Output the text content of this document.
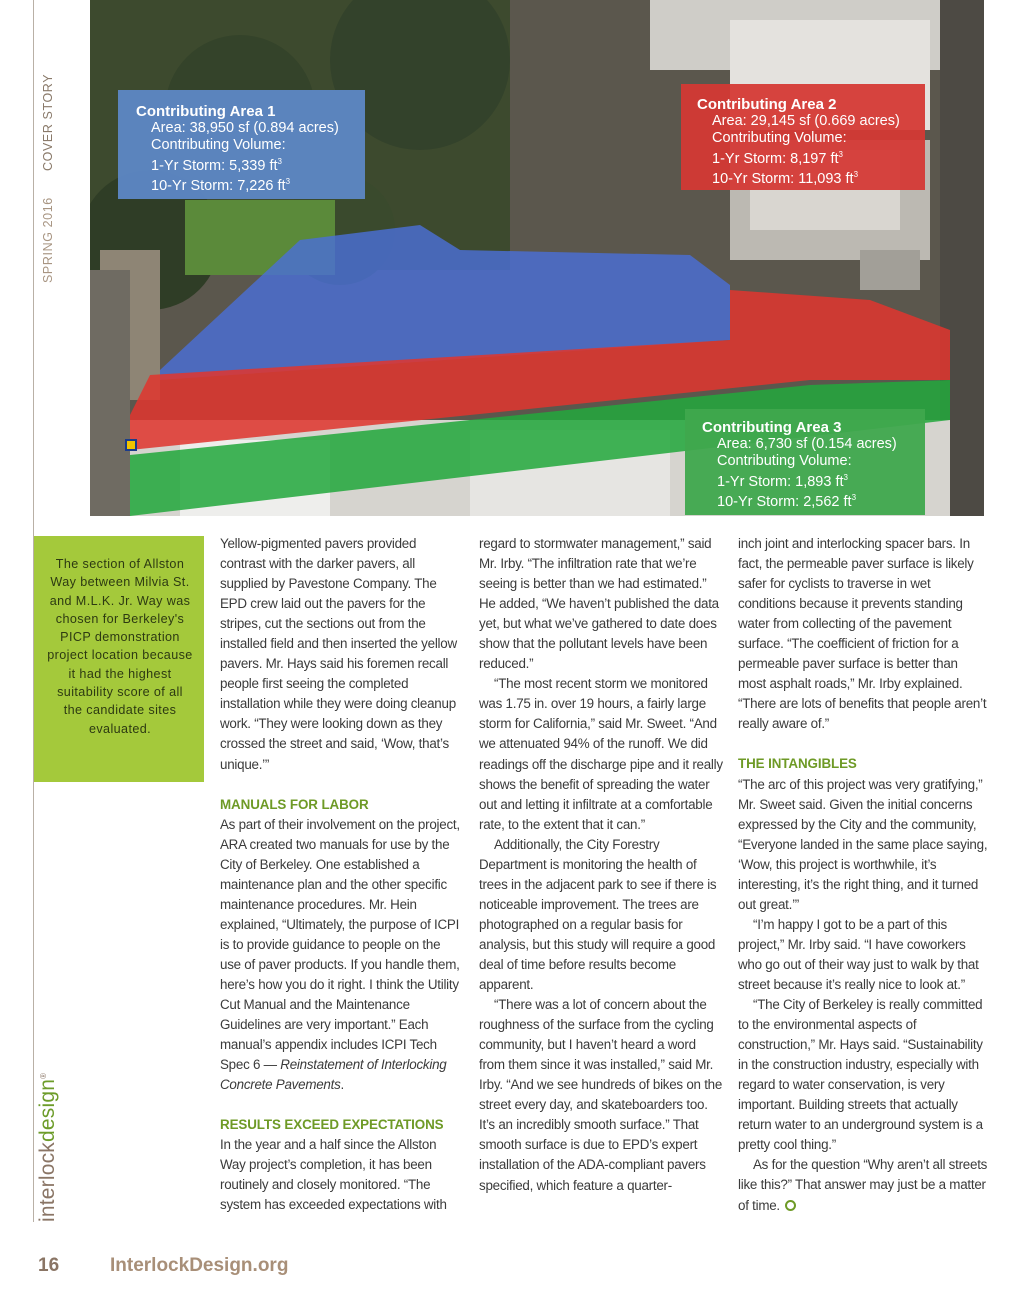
COVER STORY
SPRING 2016
interlockdesign®
Contributing Area 1
Area: 38,950 sf (0.894 acres)
Contributing Volume:
1-Yr Storm: 5,339 $ft^3$
10-Yr Storm: 7,226 $ft^3$
Contributing Area 2
Area: 29,145 sf (0.669 acres)
Contributing Volume:
1-Yr Storm: 8,197 $ft^3$
10-Yr Storm: 11,093 $ft^3$
Contributing Area 3
Area: 6,730 sf (0.154 acres)
Contributing Volume:
1-Yr Storm: 1,893 $ft^3$
10-Yr Storm: 2,562 $ft^3$
The section of Allston Way between Milvia St. and M.L.K. Jr. Way was chosen for Berkeley's PICP demonstration project location because it had the highest suitability score of all the candidate sites evaluated.
Yellow-pigmented pavers provided contrast with the darker pavers, all supplied by Pavestone Company. The EPD crew laid out the pavers for the stripes, cut the sections out from the installed field and then inserted the yellow pavers. Mr. Hays said his foremen recall people first seeing the completed installation while they were doing cleanup work. “They were looking down as they crossed the street and said, ‘Wow, that’s unique.’”
MANUALS FOR LABOR
As part of their involvement on the project, ARA created two manuals for use by the City of Berkeley. One established a maintenance plan and the other specific maintenance procedures. Mr. Hein explained, “Ultimately, the purpose of ICPI is to provide guidance to people on the use of paver products. If you handle them, here’s how you do it right. I think the Utility Cut Manual and the Maintenance Guidelines are very important.” Each manual’s appendix includes ICPI Tech Spec 6 — Reinstatement of Interlocking Concrete Pavements.
RESULTS EXCEED EXPECTATIONS
In the year and a half since the Allston Way project’s completion, it has been routinely and closely monitored. “The system has exceeded expectations with
regard to stormwater management,” said Mr. Irby. “The infiltration rate that we’re seeing is better than we had estimated.” He added, “We haven’t published the data yet, but what we’ve gathered to date does show that the pollutant levels have been reduced.”
“The most recent storm we monitored was 1.75 in. over 19 hours, a fairly large storm for California,” said Mr. Sweet. “And we attenuated 94% of the runoff. We did readings off the discharge pipe and it really shows the benefit of spreading the water out and letting it infiltrate at a comfortable rate, to the extent that it can.”
Additionally, the City Forestry Department is monitoring the health of trees in the adjacent park to see if there is noticeable improvement. The trees are photographed on a regular basis for analysis, but this study will require a good deal of time before results become apparent.
“There was a lot of concern about the roughness of the surface from the cycling community, but I haven’t heard a word from them since it was installed,” said Mr. Irby. “And we see hundreds of bikes on the street every day, and skateboarders too. It’s an incredibly smooth surface.” That smooth surface is due to EPD’s expert installation of the ADA-compliant pavers specified, which feature a quarter-
inch joint and interlocking spacer bars. In fact, the permeable paver surface is likely safer for cyclists to traverse in wet conditions because it prevents standing water from collecting of the pavement surface. “The coefficient of friction for a permeable paver surface is better than most asphalt roads,” Mr. Irby explained. “There are lots of benefits that people aren’t really aware of.”
THE INTANGIBLES
“The arc of this project was very gratifying,” Mr. Sweet said. Given the initial concerns expressed by the City and the community, “Everyone landed in the same place saying, ‘Wow, this project is worthwhile, it’s interesting, it’s the right thing, and it turned out great.’”
“I’m happy I got to be a part of this project,” Mr. Irby said. “I have coworkers who go out of their way just to walk by that street because it’s really nice to look at.”
“The City of Berkeley is really committed to the environmental aspects of construction,” Mr. Hays said. “Sustainability in the construction industry, especially with regard to water conservation, is very important. Building streets that actually return water to an underground system is a pretty cool thing.”
As for the question “Why aren’t all streets like this?” That answer may just be a matter of time.
16	InterlockDesign.org
